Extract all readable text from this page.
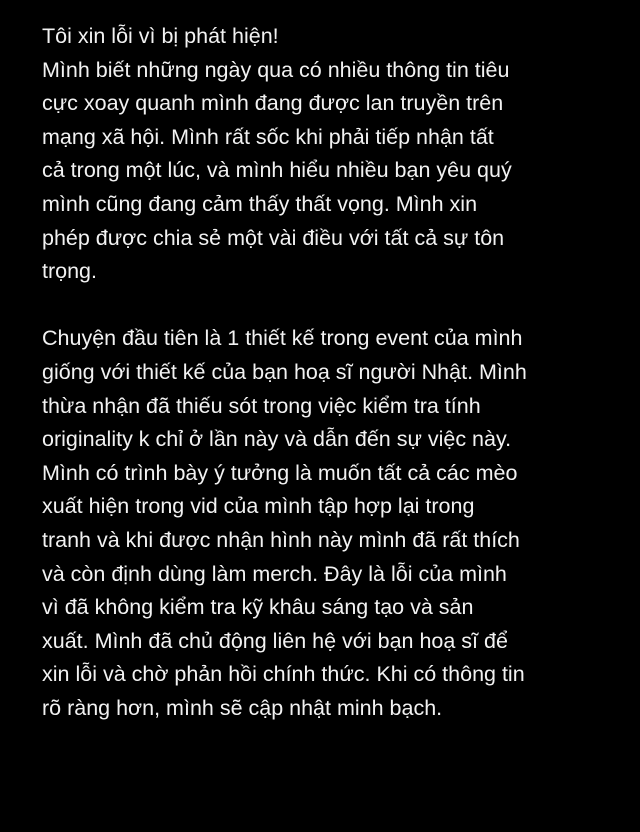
Tôi xin lỗi vì bị phát hiện!
Mình biết những ngày qua có nhiều thông tin tiêu
cực xoay quanh mình đang được lan truyền trên
mạng xã hội. Mình rất sốc khi phải tiếp nhận tất
cả trong một lúc, và mình hiểu nhiều bạn yêu quý
mình cũng đang cảm thấy thất vọng. Mình xin
phép được chia sẻ một vài điều với tất cả sự tôn
trọng.
Chuyện đầu tiên là 1 thiết kế trong event của mình
giống với thiết kế của bạn hoạ sĩ người Nhật. Mình
thừa nhận đã thiếu sót trong việc kiểm tra tính
originality k chỉ ở lần này và dẫn đến sự việc này.
Mình có trình bày ý tưởng là muốn tất cả các mèo
xuất hiện trong vid của mình tập hợp lại trong
tranh và khi được nhận hình này mình đã rất thích
và còn định dùng làm merch. Đây là lỗi của mình
vì đã không kiểm tra kỹ khâu sáng tạo và sản
xuất. Mình đã chủ động liên hệ với bạn hoạ sĩ để
xin lỗi và chờ phản hồi chính thức. Khi có thông tin
rõ ràng hơn, mình sẽ cập nhật minh bạch.
